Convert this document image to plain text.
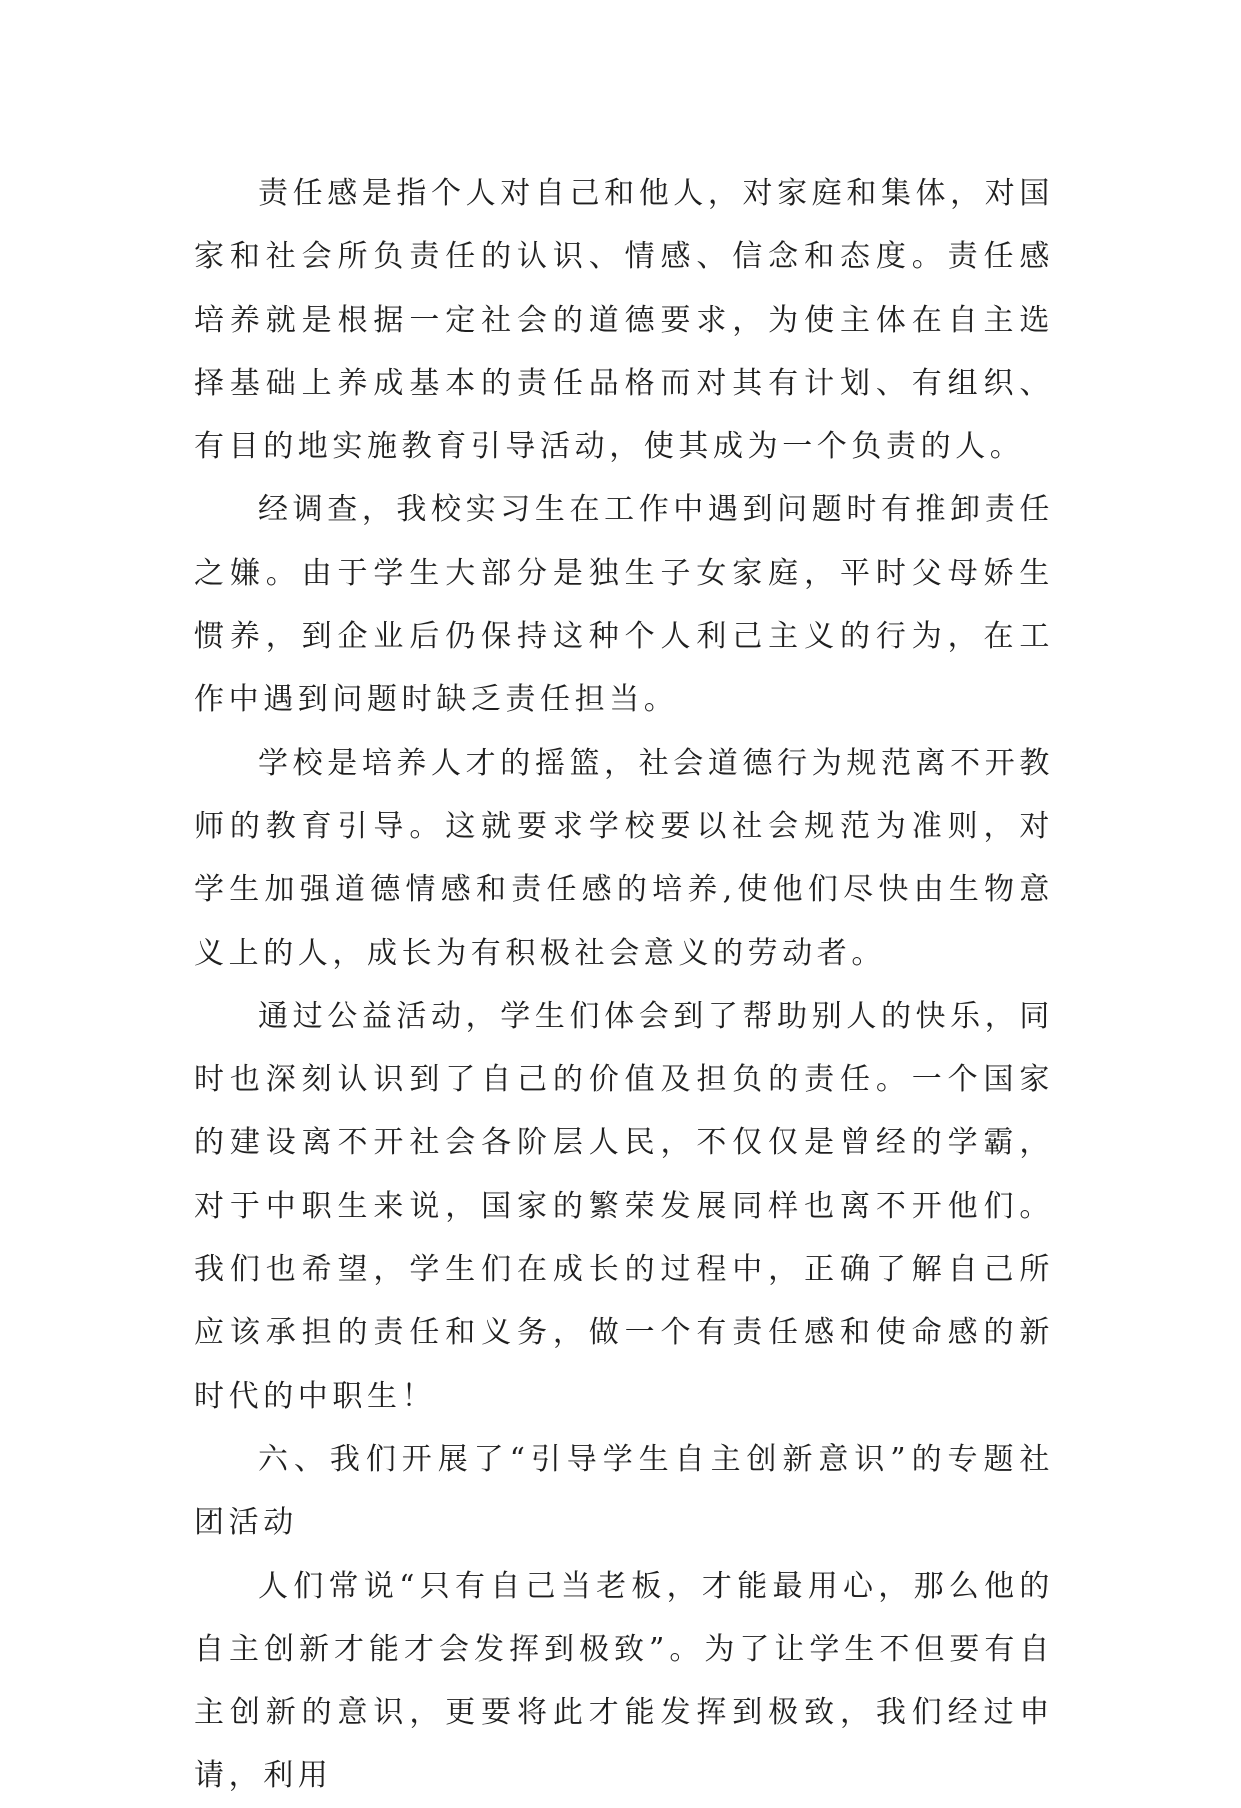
责任感是指个人对自己和他人，对家庭和集体，对国家和社会所负责任的认识、情感、信念和态度。责任感培养就是根据一定社会的道德要求，为使主体在自主选择基础上养成基本的责任品格而对其有计划、有组织、有目的地实施教育引导活动，使其成为一个负责的人。

经调查，我校实习生在工作中遇到问题时有推卸责任之嫌。由于学生大部分是独生子女家庭，平时父母娇生惯养，到企业后仍保持这种个人利己主义的行为，在工作中遇到问题时缺乏责任担当。

学校是培养人才的摇篮，社会道德行为规范离不开教师的教育引导。这就要求学校要以社会规范为准则，对学生加强道德情感和责任感的培养,使他们尽快由生物意义上的人，成长为有积极社会意义的劳动者。

通过公益活动，学生们体会到了帮助别人的快乐，同时也深刻认识到了自己的价值及担负的责任。一个国家的建设离不开社会各阶层人民，不仅仅是曾经的学霸，对于中职生来说，国家的繁荣发展同样也离不开他们。我们也希望，学生们在成长的过程中，正确了解自己所应该承担的责任和义务，做一个有责任感和使命感的新时代的中职生！

六、我们开展了“引导学生自主创新意识”的专题社团活动

人们常说“只有自己当老板，才能最用心，那么他的自主创新才能才会发挥到极致”。为了让学生不但要有自主创新的意识，更要将此才能发挥到极致，我们经过申请，利用
